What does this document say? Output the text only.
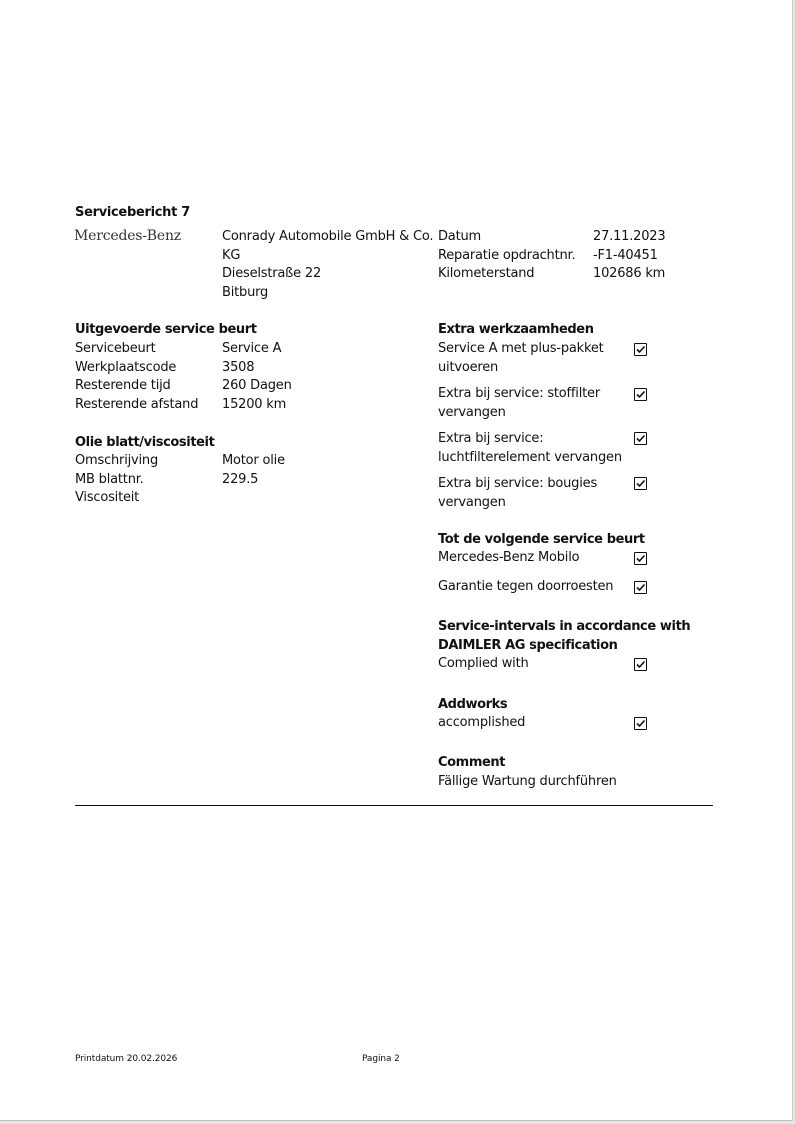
Servicebericht 7
Mercedes-Benz	Conrady Automobile GmbH & Co.
KG
Dieselstraße 22
Bitburg
Datum
Reparatie opdrachtnr.
Kilometerstand
27.11.2023
-F1-40451
102686 km
Uitgevoerde service beurt
Servicebeurt
Werkplaatscode
Resterende tijd
Resterende afstand
Service A
3508
260 Dagen
15200 km
Olie blatt/viscositeit
Omschrijving
MB blattnr.
Viscositeit
Motor olie
229.5
Extra werkzaamheden
Service A met plus-pakket
uitvoeren
Extra bij service: stoffilter
vervangen
Extra bij service:
luchtfilterelement vervangen
Extra bij service: bougies
vervangen
Tot de volgende service beurt
Mercedes-Benz Mobilo
Garantie tegen doorroesten
Service-intervals in accordance with
DAIMLER AG specification
Complied with
Addworks
accomplished
Comment
Fällige Wartung durchführen
Printdatum 20.02.2026	Pagina 2
